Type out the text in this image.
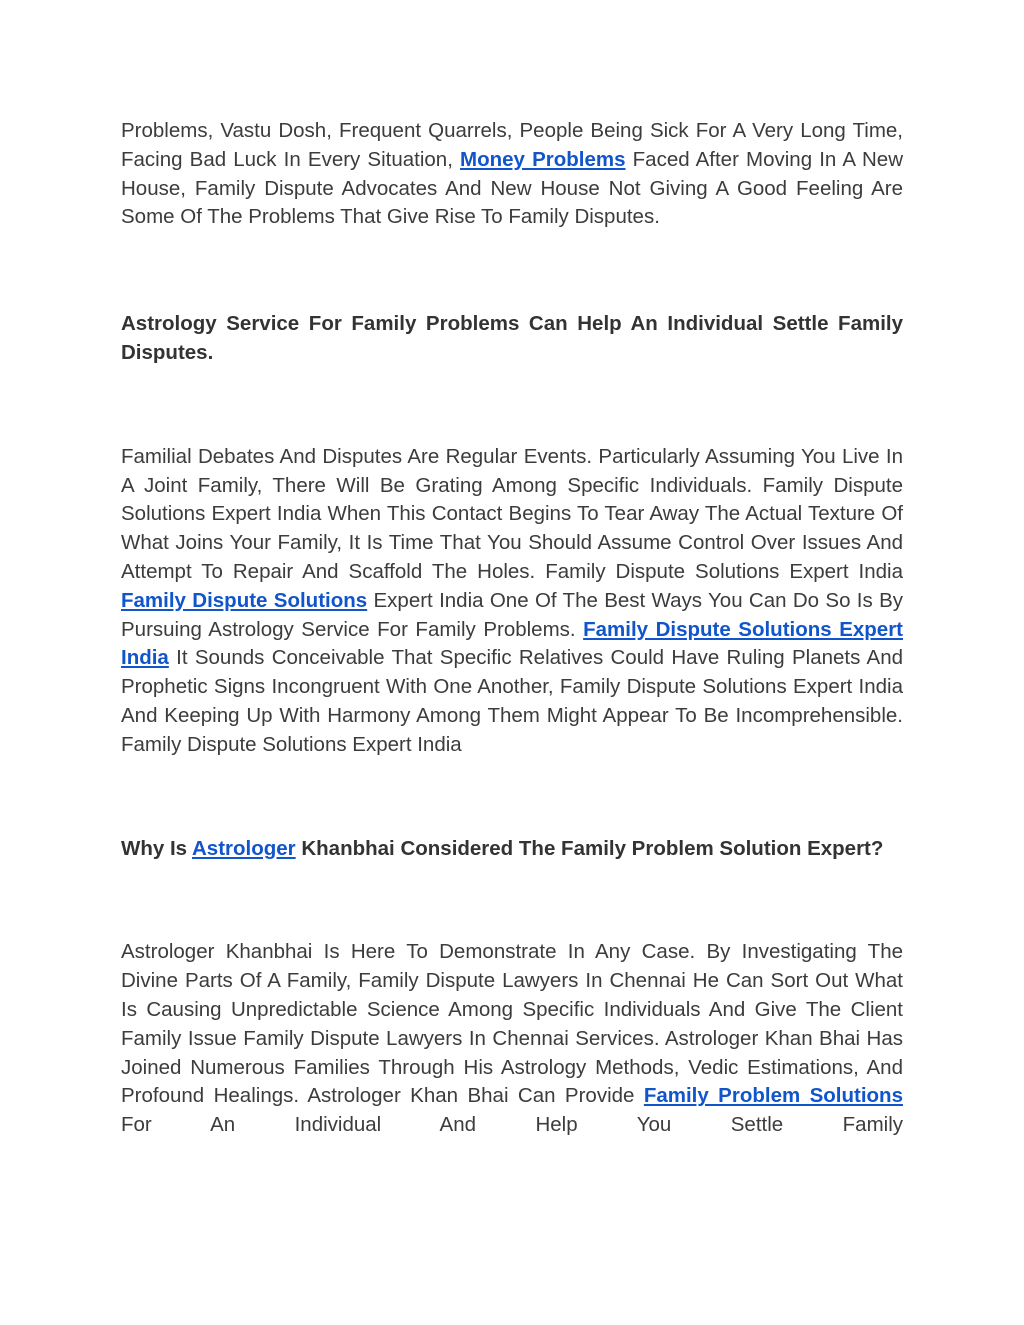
Problems, Vastu Dosh, Frequent Quarrels, People Being Sick For A Very Long Time, Facing Bad Luck In Every Situation, Money Problems Faced After Moving In A New House, Family Dispute Advocates And New House Not Giving A Good Feeling Are Some Of The Problems That Give Rise To Family Disputes.

Astrology Service For Family Problems Can Help An Individual Settle Family Disputes.

Familial Debates And Disputes Are Regular Events. Particularly Assuming You Live In A Joint Family, There Will Be Grating Among Specific Individuals. Family Dispute Solutions Expert India When This Contact Begins To Tear Away The Actual Texture Of What Joins Your Family, It Is Time That You Should Assume Control Over Issues And Attempt To Repair And Scaffold The Holes. Family Dispute Solutions Expert India Family Dispute Solutions Expert India One Of The Best Ways You Can Do So Is By Pursuing Astrology Service For Family Problems. Family Dispute Solutions Expert India It Sounds Conceivable That Specific Relatives Could Have Ruling Planets And Prophetic Signs Incongruent With One Another, Family Dispute Solutions Expert India And Keeping Up With Harmony Among Them Might Appear To Be Incomprehensible. Family Dispute Solutions Expert India

Why Is Astrologer Khanbhai Considered The Family Problem Solution Expert?

Astrologer Khanbhai Is Here To Demonstrate In Any Case. By Investigating The Divine Parts Of A Family, Family Dispute Lawyers In Chennai He Can Sort Out What Is Causing Unpredictable Science Among Specific Individuals And Give The Client Family Issue Family Dispute Lawyers In Chennai Services. Astrologer Khan Bhai Has Joined Numerous Families Through His Astrology Methods, Vedic Estimations, And Profound Healings. Astrologer Khan Bhai Can Provide Family Problem Solutions For An Individual And Help You Settle Family
